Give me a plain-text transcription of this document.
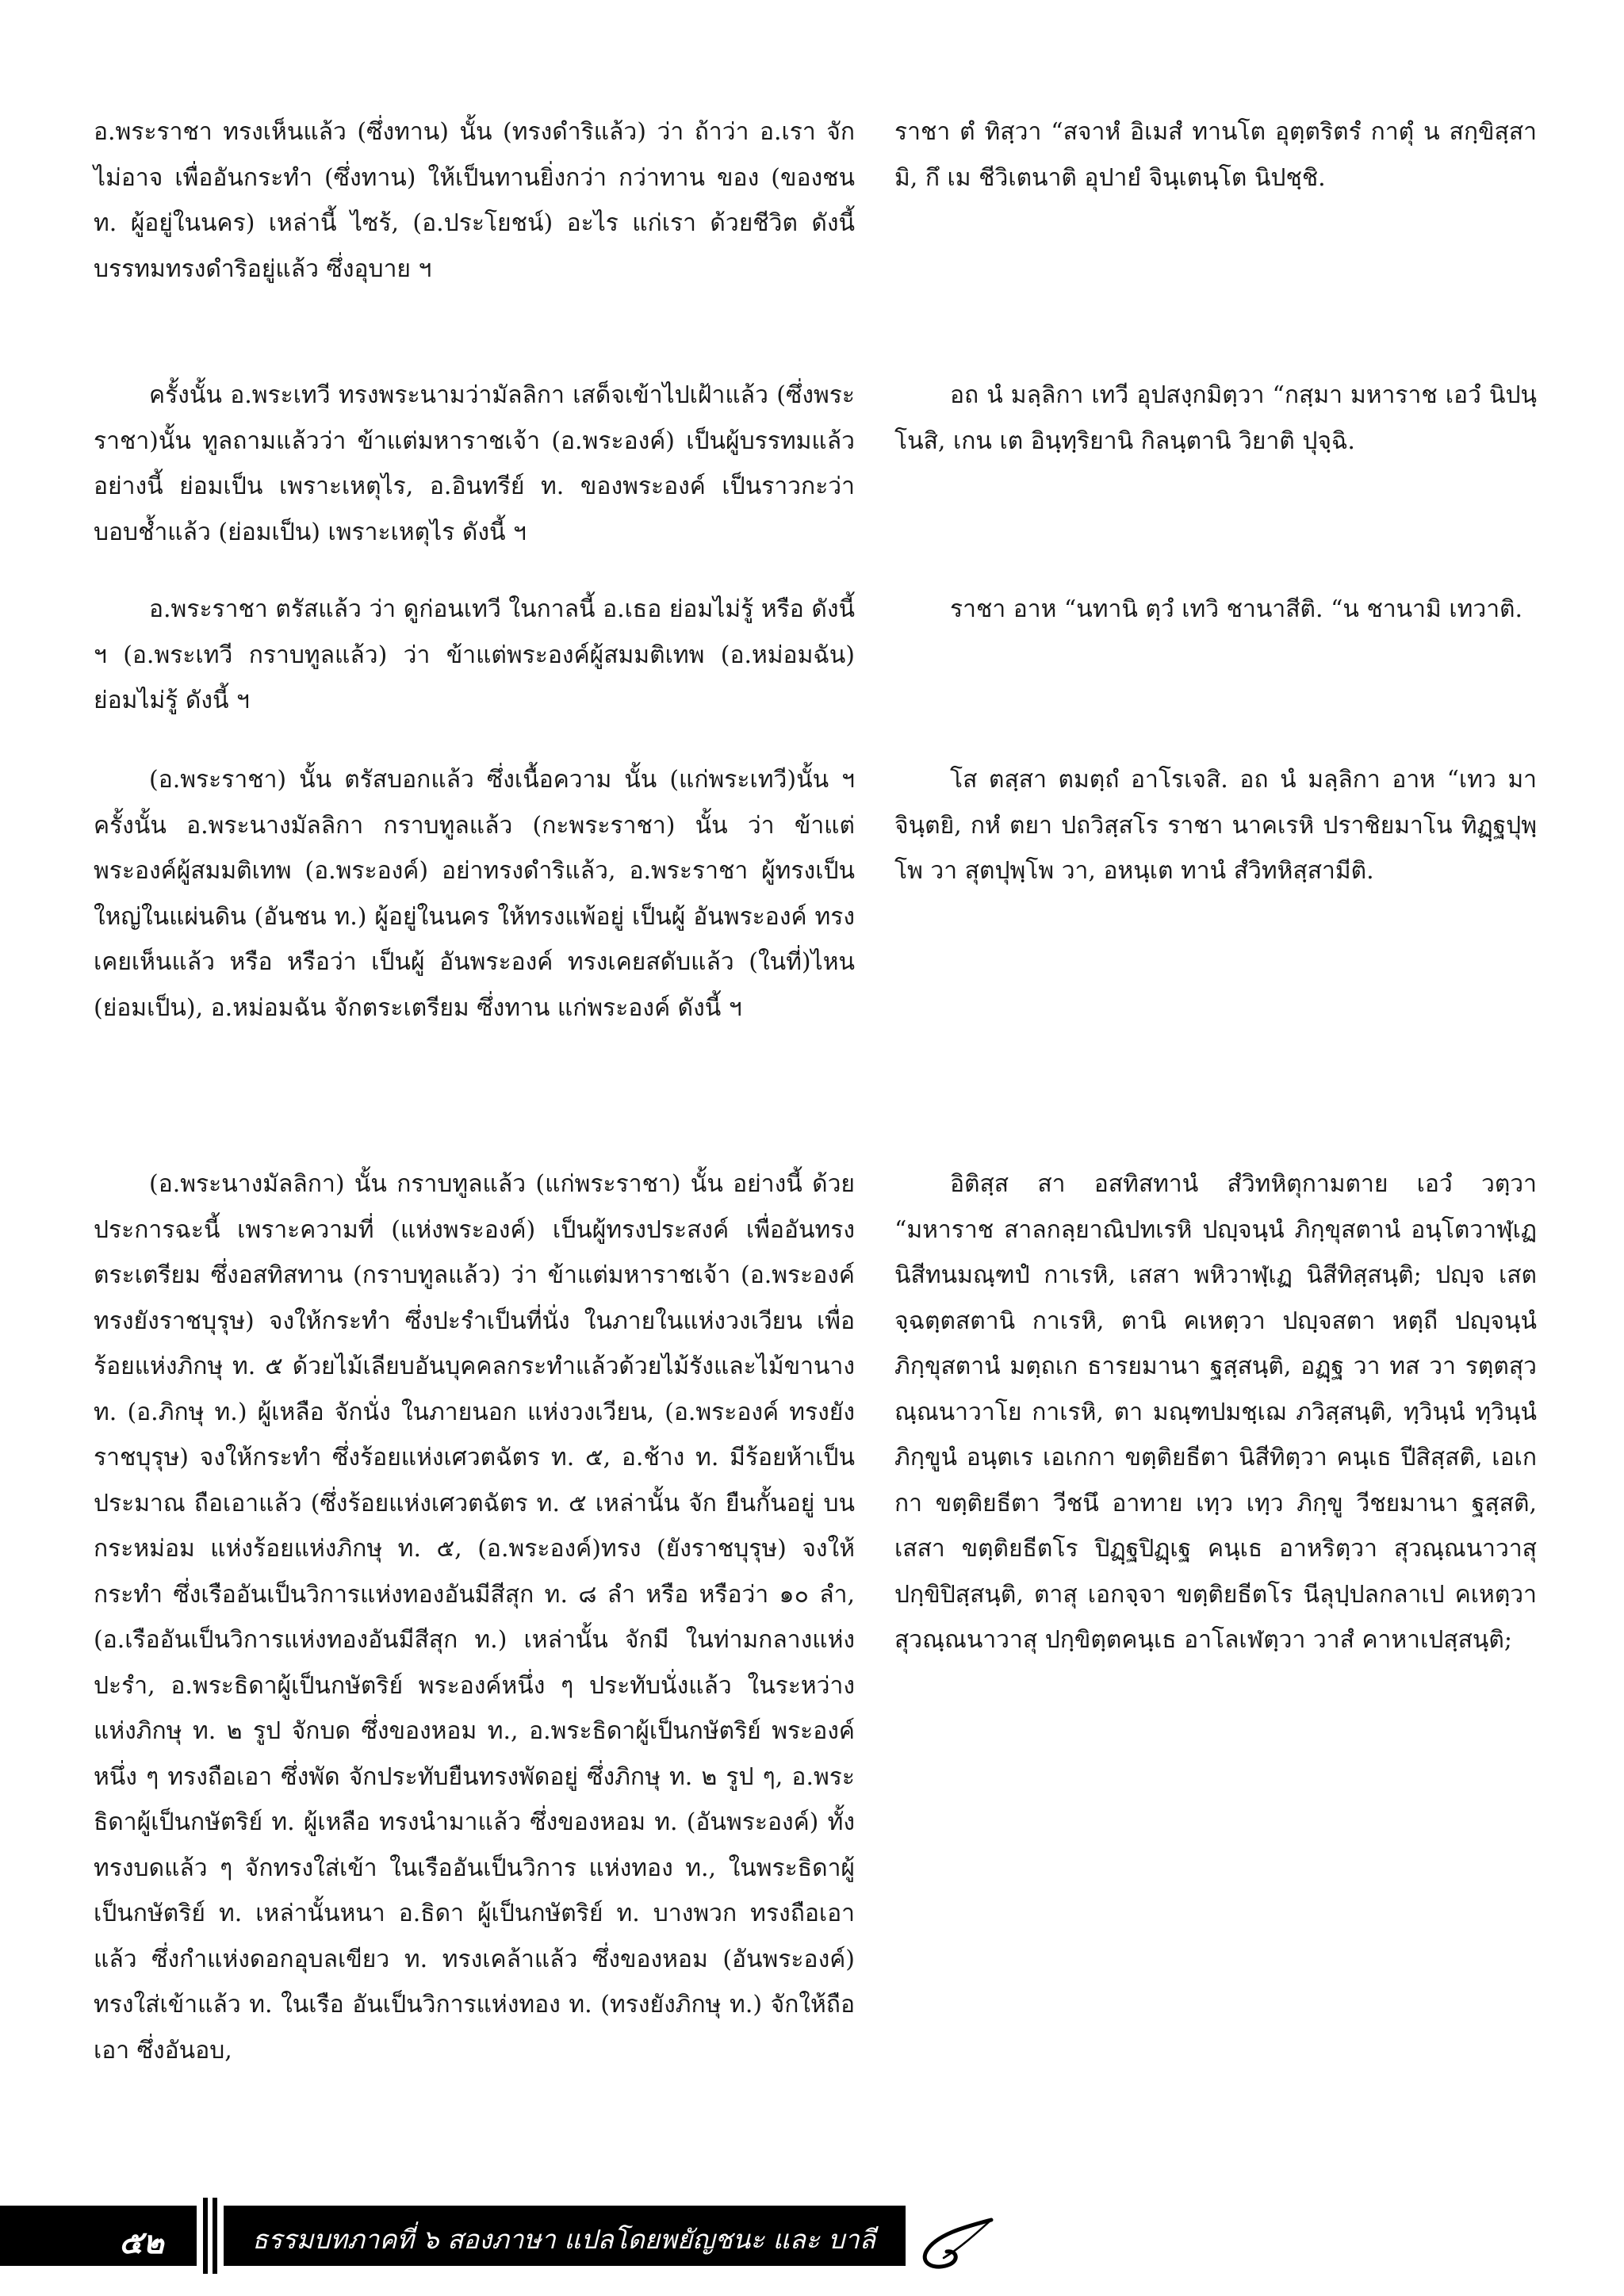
อ.พระราชา ทรงเห็นแล้ว (ซึ่งทาน) นั้น (ทรงดำริแล้ว) ว่า ถ้าว่า อ.เรา จักไม่อาจ เพื่ออันกระทำ (ซึ่งทาน) ให้เป็นทานยิ่งกว่า กว่าทาน ของ (ของชน ท. ผู้อยู่ในนคร) เหล่านี้ ไซร้, (อ.ประโยชน์) อะไร แก่เรา ด้วยชีวิต ดังนี้ บรรทมทรงดำริอยู่แล้ว ซึ่งอุบาย ฯ

ราชา ตํ ทิสฺวา “สจาหํ อิเมสํ ทานโต อุตฺตริตรํ กาตุํ น สกฺขิสฺสามิ, กึ เม ชีวิเตนาติ อุปายํ จินฺเตนฺโต นิปชฺชิ.

ครั้งนั้น อ.พระเทวี ทรงพระนามว่ามัลลิกา เสด็จเข้าไปเฝ้าแล้ว (ซึ่งพระราชา)นั้น ทูลถามแล้วว่า ข้าแต่มหาราชเจ้า (อ.พระองค์) เป็นผู้บรรทมแล้ว อย่างนี้ ย่อมเป็น เพราะเหตุไร, อ.อินทรีย์ ท. ของพระองค์ เป็นราวกะว่า บอบช้ำแล้ว (ย่อมเป็น) เพราะเหตุไร ดังนี้ ฯ

อถ นํ มลฺลิกา เทวี อุปสงฺกมิตฺวา “กสฺมา มหาราช เอวํ นิปนฺโนสิ, เกน เต อินฺทฺริยานิ กิลนฺตานิ วิยาติ ปุจฺฉิ.

อ.พระราชา ตรัสแล้ว ว่า ดูก่อนเทวี ในกาลนี้ อ.เธอ ย่อมไม่รู้ หรือ ดังนี้ ฯ (อ.พระเทวี กราบทูลแล้ว) ว่า ข้าแต่พระองค์ผู้สมมติเทพ (อ.หม่อมฉัน) ย่อมไม่รู้ ดังนี้ ฯ

ราชา อาห “นทานิ ตฺวํ เทวิ ชานาสีติ. “น ชานามิ เทวาติ.

(อ.พระราชา) นั้น ตรัสบอกแล้ว ซึ่งเนื้อความ นั้น (แก่พระเทวี)นั้น ฯ ครั้งนั้น อ.พระนางมัลลิกา กราบทูลแล้ว (กะพระราชา) นั้น ว่า ข้าแต่พระองค์ผู้สมมติเทพ (อ.พระองค์) อย่าทรงดำริแล้ว, อ.พระราชา ผู้ทรงเป็นใหญ่ในแผ่นดิน (อันชน ท.) ผู้อยู่ในนคร ให้ทรงแพ้อยู่ เป็นผู้ อันพระองค์ ทรงเคยเห็นแล้ว หรือ หรือว่า เป็นผู้ อันพระองค์ ทรงเคยสดับแล้ว (ในที่)ไหน (ย่อมเป็น), อ.หม่อมฉัน จักตระเตรียม ซึ่งทาน แก่พระองค์ ดังนี้ ฯ

โส ตสฺสา ตมตฺถํ อาโรเจสิ. อถ นํ มลฺลิกา อาห “เทว มา จินฺตยิ, กหํ ตยา ปถวิสฺสโร ราชา นาคเรหิ ปราชิยมาโน ทิฏฺฐปุพฺโพ วา สุตปุพฺโพ วา, อหนฺเต ทานํ สํวิทหิสฺสามีติ.

(อ.พระนางมัลลิกา) นั้น กราบทูลแล้ว (แก่พระราชา) นั้น อย่างนี้ ด้วยประการฉะนี้ เพราะความที่ (แห่งพระองค์) เป็นผู้ทรงประสงค์ เพื่ออันทรงตระเตรียม ซึ่งอสทิสทาน (กราบทูลแล้ว) ว่า ข้าแต่มหาราชเจ้า (อ.พระองค์ ทรงยังราชบุรุษ) จงให้กระทำ ซึ่งปะรำเป็นที่นั่ง ในภายในแห่งวงเวียน เพื่อร้อยแห่งภิกษุ ท. ๕ ด้วยไม้เลียบอันบุคคลกระทำแล้วด้วยไม้รังและไม้ขานาง ท. (อ.ภิกษุ ท.) ผู้เหลือ จักนั่ง ในภายนอก แห่งวงเวียน, (อ.พระองค์ ทรงยังราชบุรุษ) จงให้กระทำ ซึ่งร้อยแห่งเศวตฉัตร ท. ๕, อ.ช้าง ท. มีร้อยห้าเป็นประมาณ ถือเอาแล้ว (ซึ่งร้อยแห่งเศวตฉัตร ท. ๕ เหล่านั้น จัก ยืนกั้นอยู่ บนกระหม่อม แห่งร้อยแห่งภิกษุ ท. ๕, (อ.พระองค์)ทรง (ยังราชบุรุษ) จงให้กระทำ ซึ่งเรืออันเป็นวิการแห่งทองอันมีสีสุก ท. ๘ ลำ หรือ หรือว่า ๑๐ ลำ, (อ.เรืออันเป็นวิการแห่งทองอันมีสีสุก ท.) เหล่านั้น จักมี ในท่ามกลางแห่งปะรำ, อ.พระธิดาผู้เป็นกษัตริย์ พระองค์หนึ่ง ๆ ประทับนั่งแล้ว ในระหว่าง แห่งภิกษุ ท. ๒ รูป จักบด ซึ่งของหอม ท., อ.พระธิดาผู้เป็นกษัตริย์ พระองค์หนึ่ง ๆ ทรงถือเอา ซึ่งพัด จักประทับยืนทรงพัดอยู่ ซึ่งภิกษุ ท. ๒ รูป ๆ, อ.พระธิดาผู้เป็นกษัตริย์ ท. ผู้เหลือ ทรงนำมาแล้ว ซึ่งของหอม ท. (อันพระองค์) ทั้งทรงบดแล้ว ๆ จักทรงใส่เข้า ในเรืออันเป็นวิการ แห่งทอง ท., ในพระธิดาผู้เป็นกษัตริย์ ท. เหล่านั้นหนา อ.ธิดา ผู้เป็นกษัตริย์ ท. บางพวก ทรงถือเอาแล้ว ซึ่งกำแห่งดอกอุบลเขียว ท. ทรงเคล้าแล้ว ซึ่งของหอม (อันพระองค์) ทรงใส่เข้าแล้ว ท. ในเรือ อันเป็นวิการแห่งทอง ท. (ทรงยังภิกษุ ท.) จักให้ถือเอา ซึ่งอันอบ,

อิติสฺส สา อสทิสทานํ สํวิทหิตุกามตาย เอวํ วตฺวา “มหาราช สาลกลฺยาณิปทเรหิ ปญฺจนฺนํ ภิกฺขุสตานํ อนฺโตวาฬฺเฏ นิสีทนมณฺฑปํ กาเรหิ, เสสา พหิวาฬฺเฏ นิสีทิสฺสนฺติ; ปญฺจ เสตจฺฉตฺตสตานิ กาเรหิ, ตานิ คเหตฺวา ปญฺจสตา หตฺถี ปญฺจนฺนํ ภิกฺขุสตานํ มตฺถเก ธารยมานา ฐสฺสนฺติ, อฏฺฐ วา ทส วา รตฺตสุวณฺณนาวาโย กาเรหิ, ตา มณฺฑปมชฺเฌ ภวิสฺสนฺติ, ทฺวินฺนํ ทฺวินฺนํ ภิกฺขูนํ อนฺตเร เอเกกา ขตฺติยธีตา นิสีทิตฺวา คนฺเธ ปีสิสฺสติ, เอเกกา ขตฺติยธีตา วีชนึ อาทาย เทฺว เทฺว ภิกฺขู วีชยมานา ฐสฺสติ, เสสา ขตฺติยธีตโร ปิฏฺฐปิฏฺเฐ คนฺเธ อาหริตฺวา สุวณฺณนาวาสุ ปกฺขิปิสฺสนฺติ, ตาสุ เอกจฺจา ขตฺติยธีตโร นีลุปฺปลกลาเป คเหตฺวา สุวณฺณนาวาสุ ปกฺขิตฺตคนฺเธ อาโลเฬตฺวา วาสํ คาหาเปสฺสนฺติ;

๕๒	ธรรมบทภาคที่ ๖ สองภาษา แปลโดยพยัญชนะ และ บาลี
